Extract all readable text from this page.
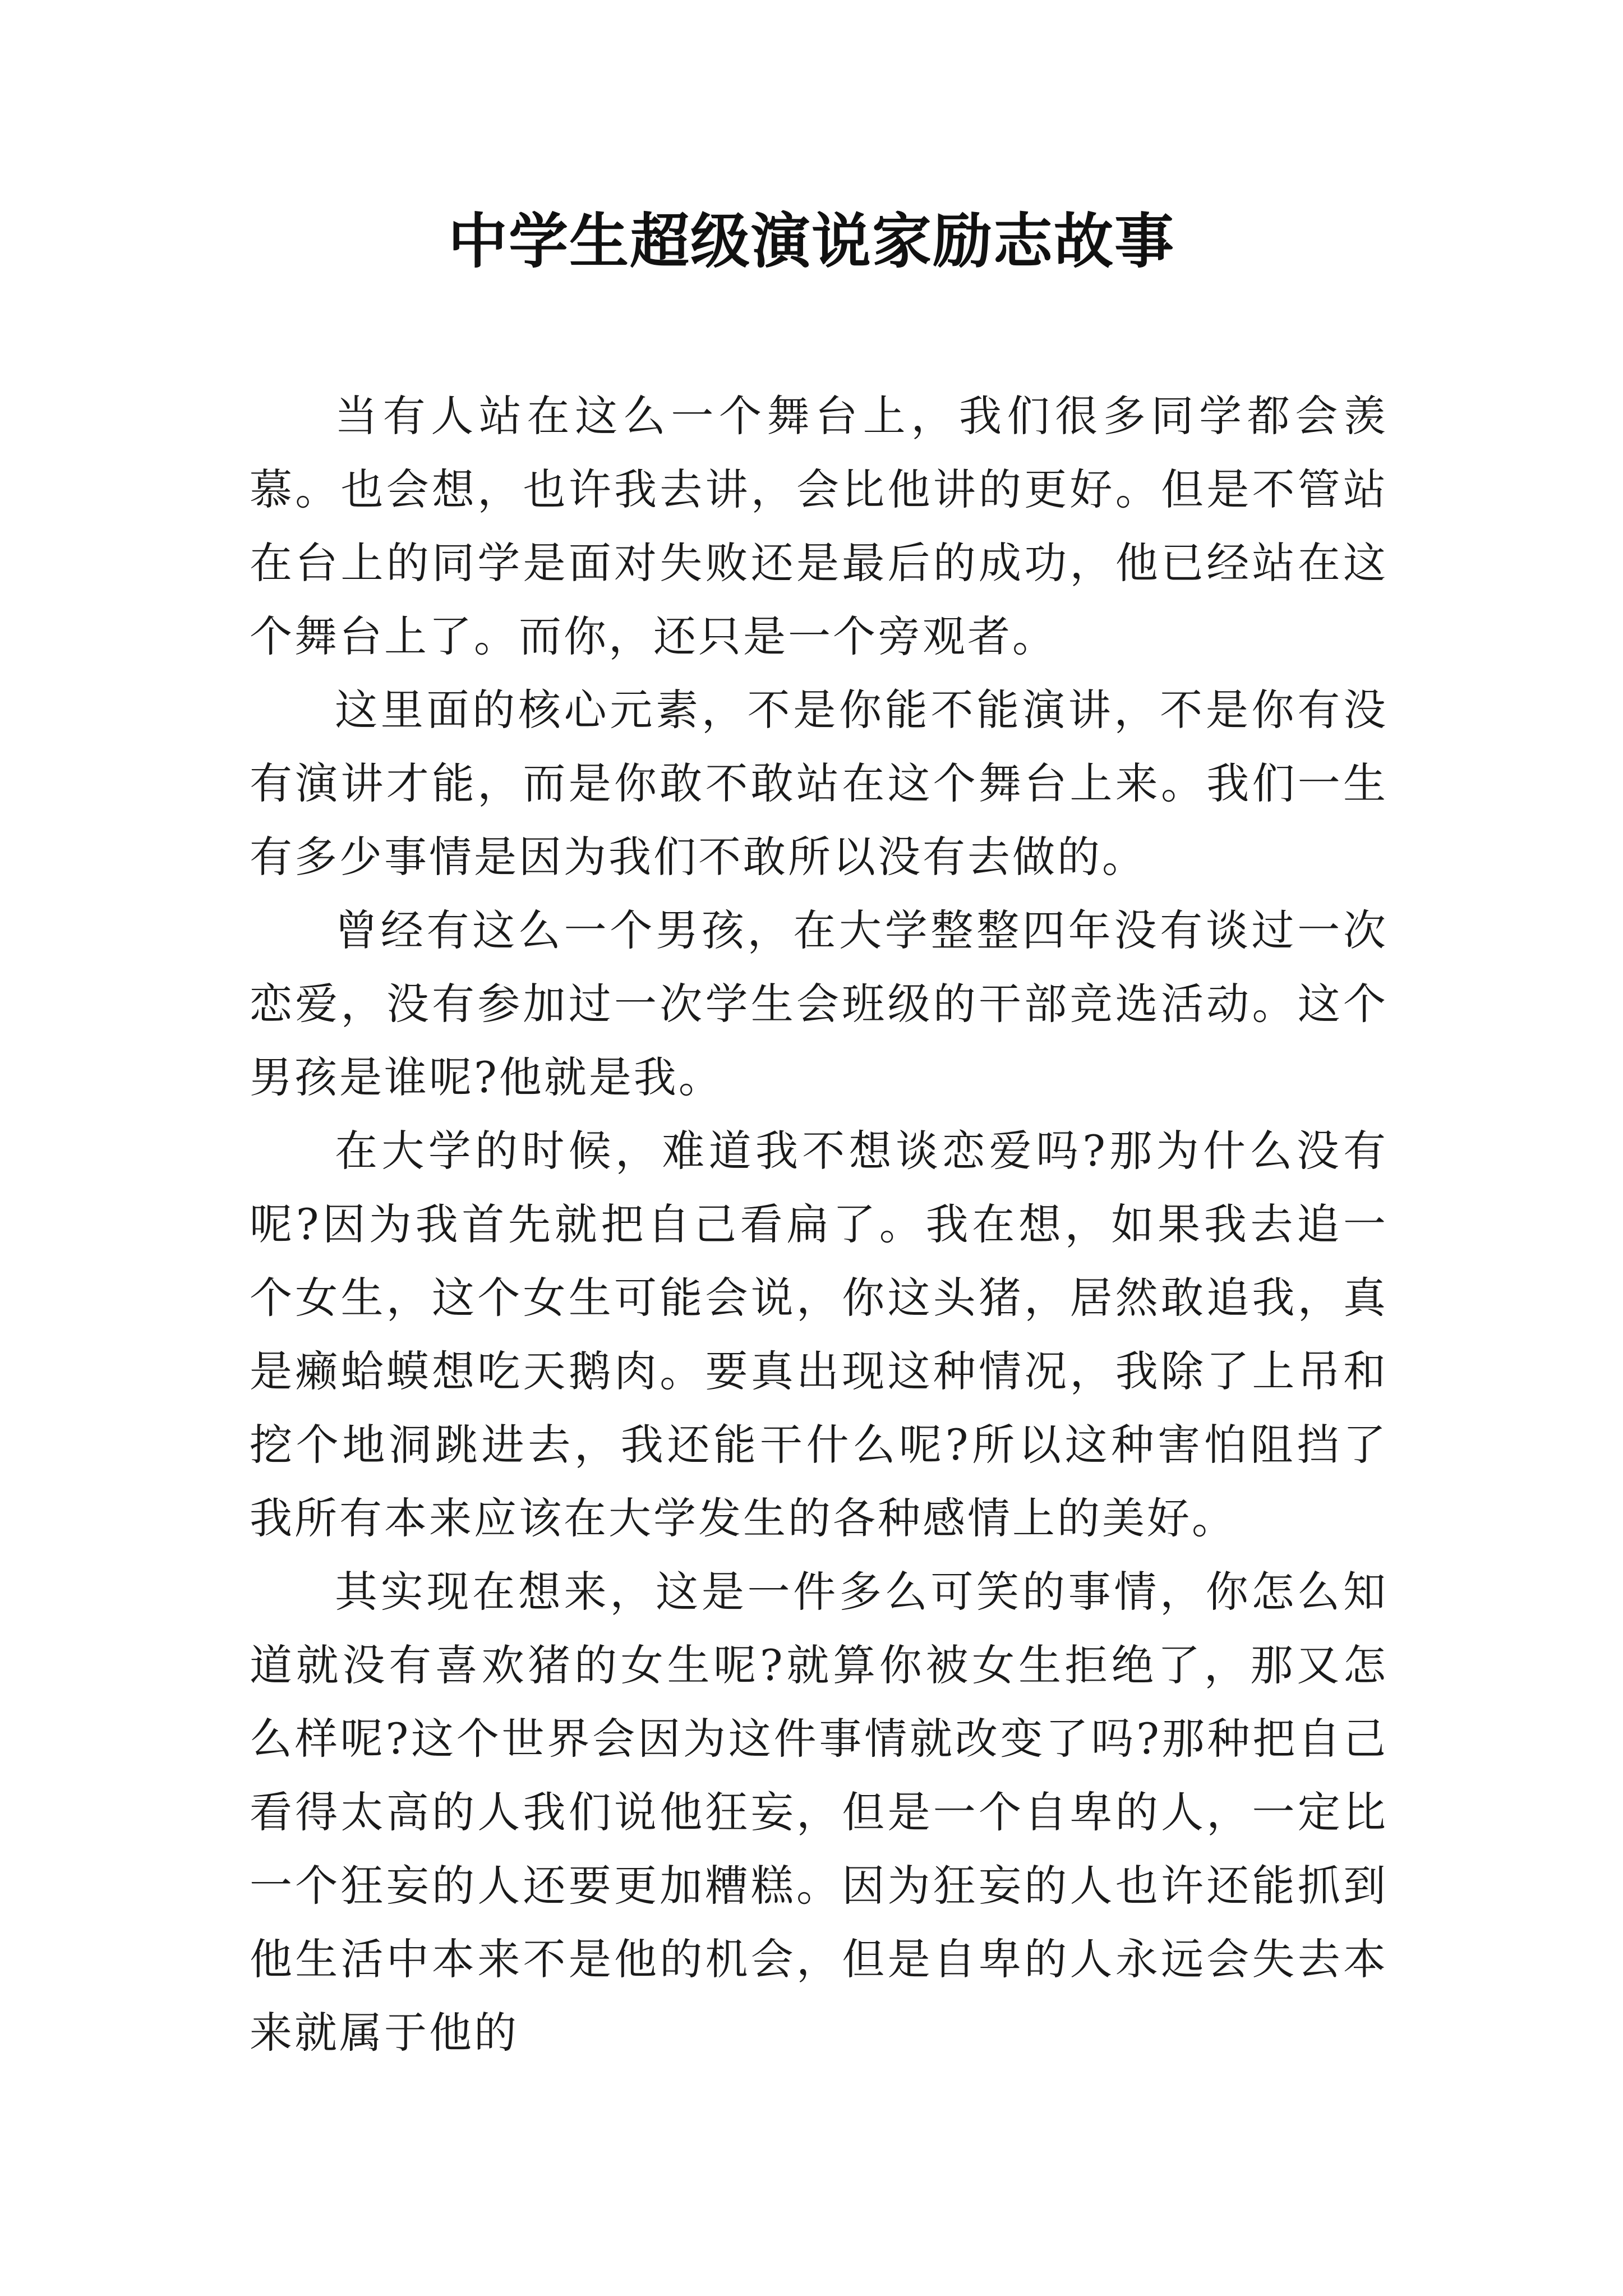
中学生超级演说家励志故事

当有人站在这么一个舞台上，我们很多同学都会羡慕。也会想，也许我去讲，会比他讲的更好。但是不管站在台上的同学是面对失败还是最后的成功，他已经站在这个舞台上了。而你，还只是一个旁观者。

这里面的核心元素，不是你能不能演讲，不是你有没有演讲才能，而是你敢不敢站在这个舞台上来。我们一生有多少事情是因为我们不敢所以没有去做的。

曾经有这么一个男孩，在大学整整四年没有谈过一次恋爱，没有参加过一次学生会班级的干部竞选活动。这个男孩是谁呢?他就是我。

在大学的时候，难道我不想谈恋爱吗?那为什么没有呢?因为我首先就把自己看扁了。我在想，如果我去追一个女生，这个女生可能会说，你这头猪，居然敢追我，真是癞蛤蟆想吃天鹅肉。要真出现这种情况，我除了上吊和挖个地洞跳进去，我还能干什么呢?所以这种害怕阻挡了我所有本来应该在大学发生的各种感情上的美好。

其实现在想来，这是一件多么可笑的事情，你怎么知道就没有喜欢猪的女生呢?就算你被女生拒绝了，那又怎么样呢?这个世界会因为这件事情就改变了吗?那种把自己看得太高的人我们说他狂妄，但是一个自卑的人，一定比一个狂妄的人还要更加糟糕。因为狂妄的人也许还能抓到他生活中本来不是他的机会，但是自卑的人永远会失去本来就属于他的
